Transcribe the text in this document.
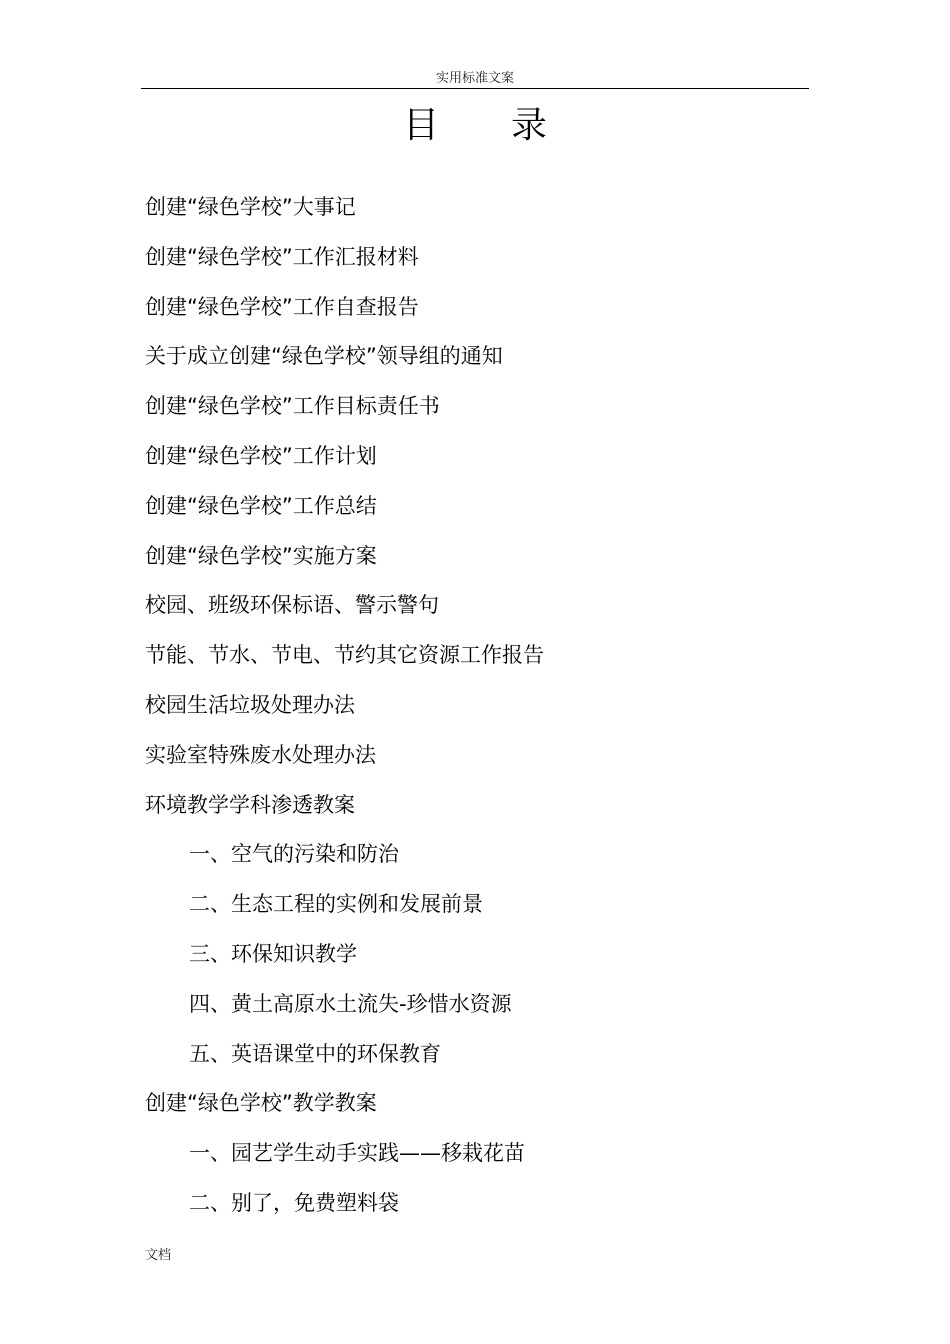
实用标准文案
目录
创建“绿色学校”大事记
创建“绿色学校”工作汇报材料
创建“绿色学校”工作自查报告
关于成立创建“绿色学校”领导组的通知
创建“绿色学校”工作目标责任书
创建“绿色学校”工作计划
创建“绿色学校”工作总结
创建“绿色学校”实施方案
校园、班级环保标语、警示警句
节能、节水、节电、节约其它资源工作报告
校园生活垃圾处理办法
实验室特殊废水处理办法
环境教学学科渗透教案
一、空气的污染和防治
二、生态工程的实例和发展前景
三、环保知识教学
四、黄土高原水土流失-珍惜水资源
五、英语课堂中的环保教育
创建“绿色学校”教学教案
一、园艺学生动手实践——移栽花苗
二、别了，免费塑料袋
文档
